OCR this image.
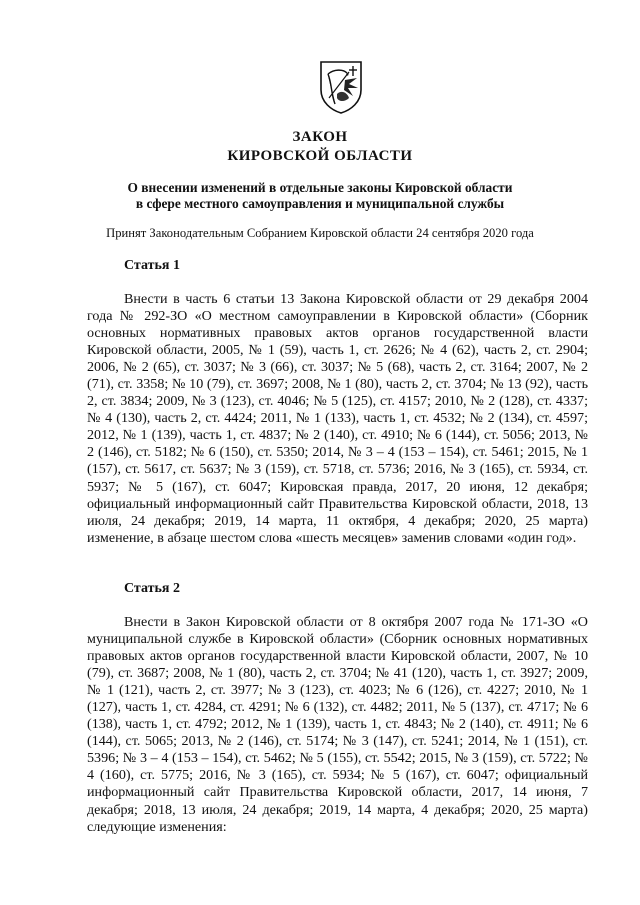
ЗАКОН
КИРОВСКОЙ ОБЛАСТИ
О внесении изменений в отдельные законы Кировской области
в сфере местного самоуправления и муниципальной службы
Принят Законодательным Собранием Кировской области 24 сентября 2020 года
Статья 1

Внести в часть 6 статьи 13 Закона Кировской области от 29 декабря 2004 года № 292-ЗО «О местном самоуправлении в Кировской области» (Сборник основных нормативных правовых актов органов государственной власти Кировской области, 2005, № 1 (59), часть 1, ст. 2626; № 4 (62), часть 2, ст. 2904; 2006, № 2 (65), ст. 3037; № 3 (66), ст. 3037; № 5 (68), часть 2, ст. 3164; 2007, № 2 (71), ст. 3358; № 10 (79), ст. 3697; 2008, № 1 (80), часть 2, ст. 3704; № 13 (92), часть 2, ст. 3834; 2009, № 3 (123), ст. 4046; № 5 (125), ст. 4157; 2010, № 2 (128), ст. 4337; № 4 (130), часть 2, ст. 4424; 2011, № 1 (133), часть 1, ст. 4532; № 2 (134), ст. 4597; 2012, № 1 (139), часть 1, ст. 4837; № 2 (140), ст. 4910; № 6 (144), ст. 5056; 2013, № 2 (146), ст. 5182; № 6 (150), ст. 5350; 2014, № 3 – 4 (153 – 154), ст. 5461; 2015, № 1 (157), ст. 5617, ст. 5637; № 3 (159), ст. 5718, ст. 5736; 2016, № 3 (165), ст. 5934, ст. 5937; № 5 (167), ст. 6047; Кировская правда, 2017, 20 июня, 12 декабря; официальный информационный сайт Правительства Кировской области, 2018, 13 июля, 24 декабря; 2019, 14 марта, 11 октября, 4 декабря; 2020, 25 марта) изменение, в абзаце шестом слова «шесть месяцев» заменив словами «один год».

Статья 2

Внести в Закон Кировской области от 8 октября 2007 года № 171-ЗО «О муниципальной службе в Кировской области» (Сборник основных нормативных правовых актов органов государственной власти Кировской области, 2007, № 10 (79), ст. 3687; 2008, № 1 (80), часть 2, ст. 3704; № 41 (120), часть 1, ст. 3927; 2009, № 1 (121), часть 2, ст. 3977; № 3 (123), ст. 4023; № 6 (126), ст. 4227; 2010, № 1 (127), часть 1, ст. 4284, ст. 4291; № 6 (132), ст. 4482; 2011, № 5 (137), ст. 4717; № 6 (138), часть 1, ст. 4792; 2012, № 1 (139), часть 1, ст. 4843; № 2 (140), ст. 4911; № 6 (144), ст. 5065; 2013, № 2 (146), ст. 5174; № 3 (147), ст. 5241; 2014, № 1 (151), ст. 5396; № 3 – 4 (153 – 154), ст. 5462; № 5 (155), ст. 5542; 2015, № 3 (159), ст. 5722; № 4 (160), ст. 5775; 2016, № 3 (165), ст. 5934; № 5 (167), ст. 6047; официальный информационный сайт Правительства Кировской области, 2017, 14 июня, 7 декабря; 2018, 13 июля, 24 декабря; 2019, 14 марта, 4 декабря; 2020, 25 марта) следующие изменения:
